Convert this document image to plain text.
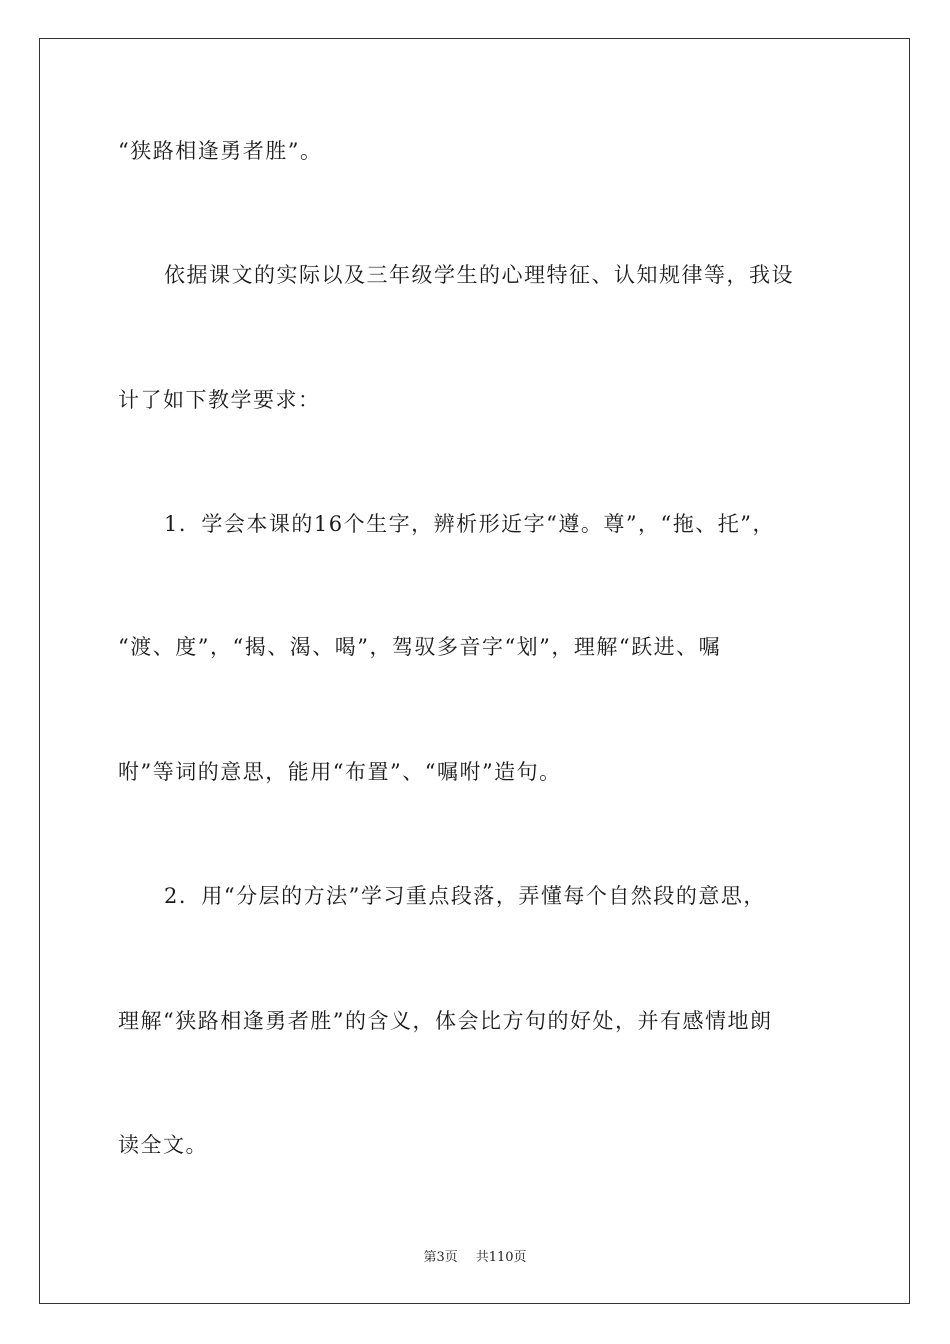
“狭路相逢勇者胜”。
依据课文的实际以及三年级学生的心理特征、认知规律等，我设
计了如下教学要求：
1．学会本课的16个生字，辨析形近字“遵。尊”，“拖、托”，
“渡、度”，“揭、渴、喝”，驾驭多音字“划”，理解“跃进、嘱
咐”等词的意思，能用“布置”、“嘱咐”造句。
2．用“分层的方法”学习重点段落，弄懂每个自然段的意思，
理解“狭路相逢勇者胜”的含义，体会比方句的好处，并有感情地朗
读全文。
第3页 共110页
